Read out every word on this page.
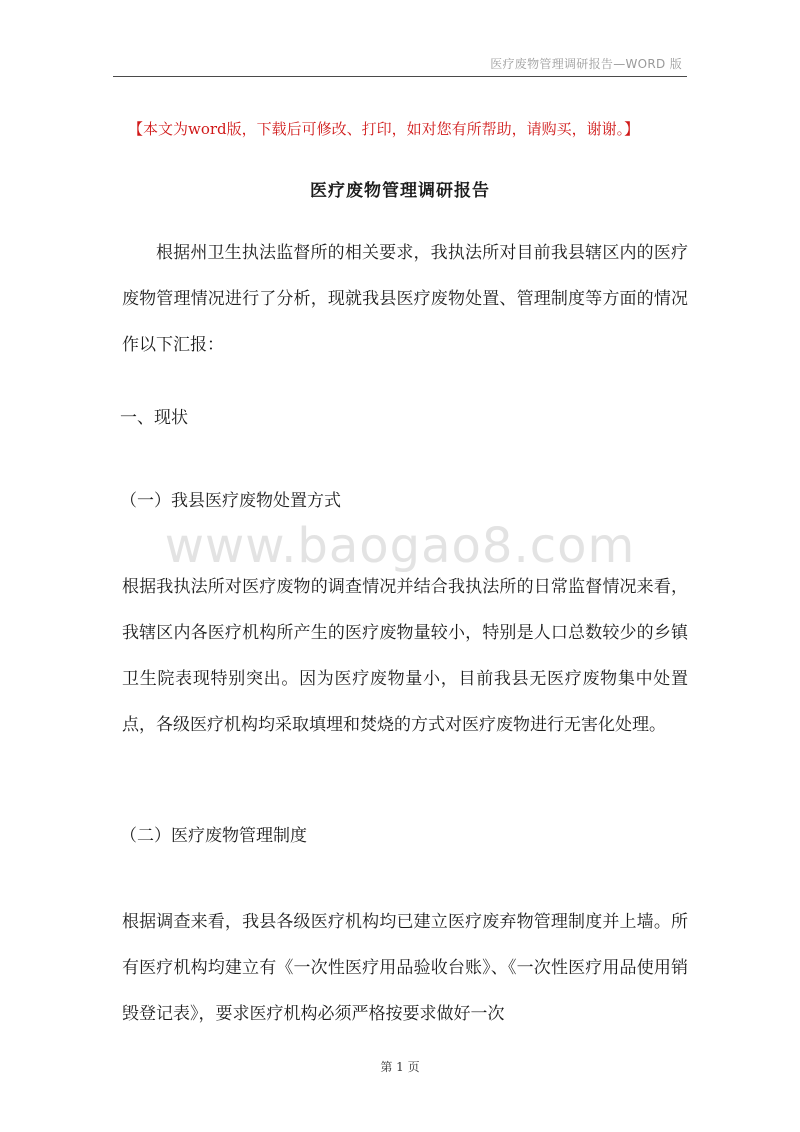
医疗废物管理调研报告—WORD 版
【本文为word版，下载后可修改、打印，如对您有所帮助，请购买，谢谢。】
医疗废物管理调研报告
根据州卫生执法监督所的相关要求，我执法所对目前我县辖区内的医疗废物管理情况进行了分析，现就我县医疗废物处置、管理制度等方面的情况作以下汇报：
一、现状
（一）我县医疗废物处置方式
www.baogao8.com
根据我执法所对医疗废物的调查情况并结合我执法所的日常监督情况来看，我辖区内各医疗机构所产生的医疗废物量较小，特别是人口总数较少的乡镇卫生院表现特别突出。因为医疗废物量小，目前我县无医疗废物集中处置点，各级医疗机构均采取填埋和焚烧的方式对医疗废物进行无害化处理。
（二）医疗废物管理制度
根据调查来看，我县各级医疗机构均已建立医疗废弃物管理制度并上墙。所有医疗机构均建立有《一次性医疗用品验收台账》、《一次性医疗用品使用销毁登记表》，要求医疗机构必须严格按要求做好一次
第 1 页
